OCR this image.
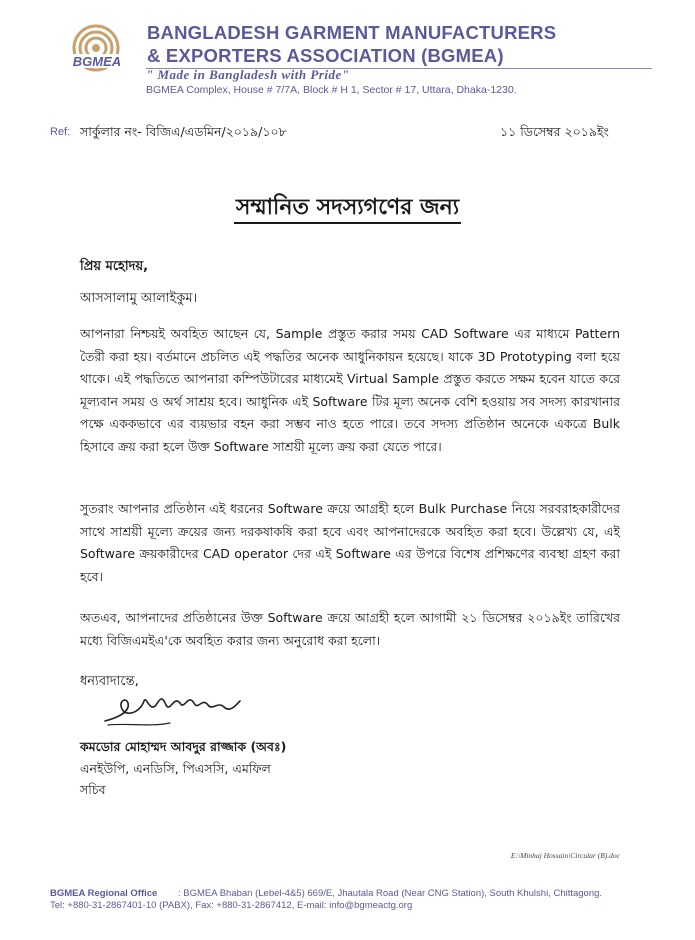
BGMEA
BANGLADESH GARMENT MANUFACTURERS
& EXPORTERS ASSOCIATION (BGMEA)
" Made in Bangladesh with Pride"
BGMEA Complex, House # 7/7A, Block # H 1, Sector # 17, Uttara, Dhaka-1230.
Ref: সার্কুলার নং- বিজিএ/এডমিন/২০১৯/১০৮	১১ ডিসেম্বর ২০১৯ইং
সম্মানিত সদস্যগণের জন্য
প্রিয় মহোদয়,
আসসালামু আলাইকুম।
আপনারা নিশ্চয়ই অবহিত আছেন যে, Sample প্রস্তুত করার সময় CAD Software এর মাধ্যমে Pattern তৈরী করা হয়। বর্তমানে প্রচলিত এই পদ্ধতির অনেক আধুনিকায়ন হয়েছে। যাকে 3D Prototyping বলা হয়ে থাকে। এই পদ্ধতিতে আপনারা কম্পিউটারের মাধ্যমেই Virtual Sample প্রস্তুত করতে সক্ষম হবেন যাতে করে মূল্যবান সময় ও অর্থ সাশ্রয় হবে। আধুনিক এই Software টির মূল্য অনেক বেশি হওয়ায় সব সদস্য কারখানার পক্ষে এককভাবে এর ব্যয়ভার বহন করা সম্ভব নাও হতে পারে। তবে সদস্য প্রতিষ্ঠান অনেকে একত্রে Bulk হিসাবে ক্রয় করা হলে উক্ত Software সাশ্রয়ী মূল্যে ক্রয় করা যেতে পারে।
সুতরাং আপনার প্রতিষ্ঠান এই ধরনের Software ক্রয়ে আগ্রহী হলে Bulk Purchase নিয়ে সরবরাহকারীদের সাথে সাশ্রয়ী মূল্যে ক্রয়ের জন্য দরকষাকষি করা হবে এবং আপনাদেরকে অবহিত করা হবে। উল্লেখ্য যে, এই Software ক্রয়কারীদের CAD operator দের এই Software এর উপরে বিশেষ প্রশিক্ষণের ব্যবস্থা গ্রহণ করা হবে।
অতএব, আপনাদের প্রতিষ্ঠানের উক্ত Software ক্রয়ে আগ্রহী হলে আগামী ২১ ডিসেম্বর ২০১৯ইং তারিখের মধ্যে বিজিএমইএ'কে অবহিত করার জন্য অনুরোধ করা হলো।
ধন্যবাদান্তে,
কমডোর মোহাম্মদ আবদুর রাজ্জাক (অবঃ)
এনইউপি, এনডিসি, পিএসসি, এমফিল
সচিব
E:\Minhaj Hossain\Circular (B).doc
BGMEA Regional Office : BGMEA Bhaban (Lebel-4&5) 669/E, Jhautala Road (Near CNG Station), South Khulshi, Chittagong.
Tel: +880-31-2867401-10 (PABX), Fax: +880-31-2867412, E-mail: info@bgmeactg.org
